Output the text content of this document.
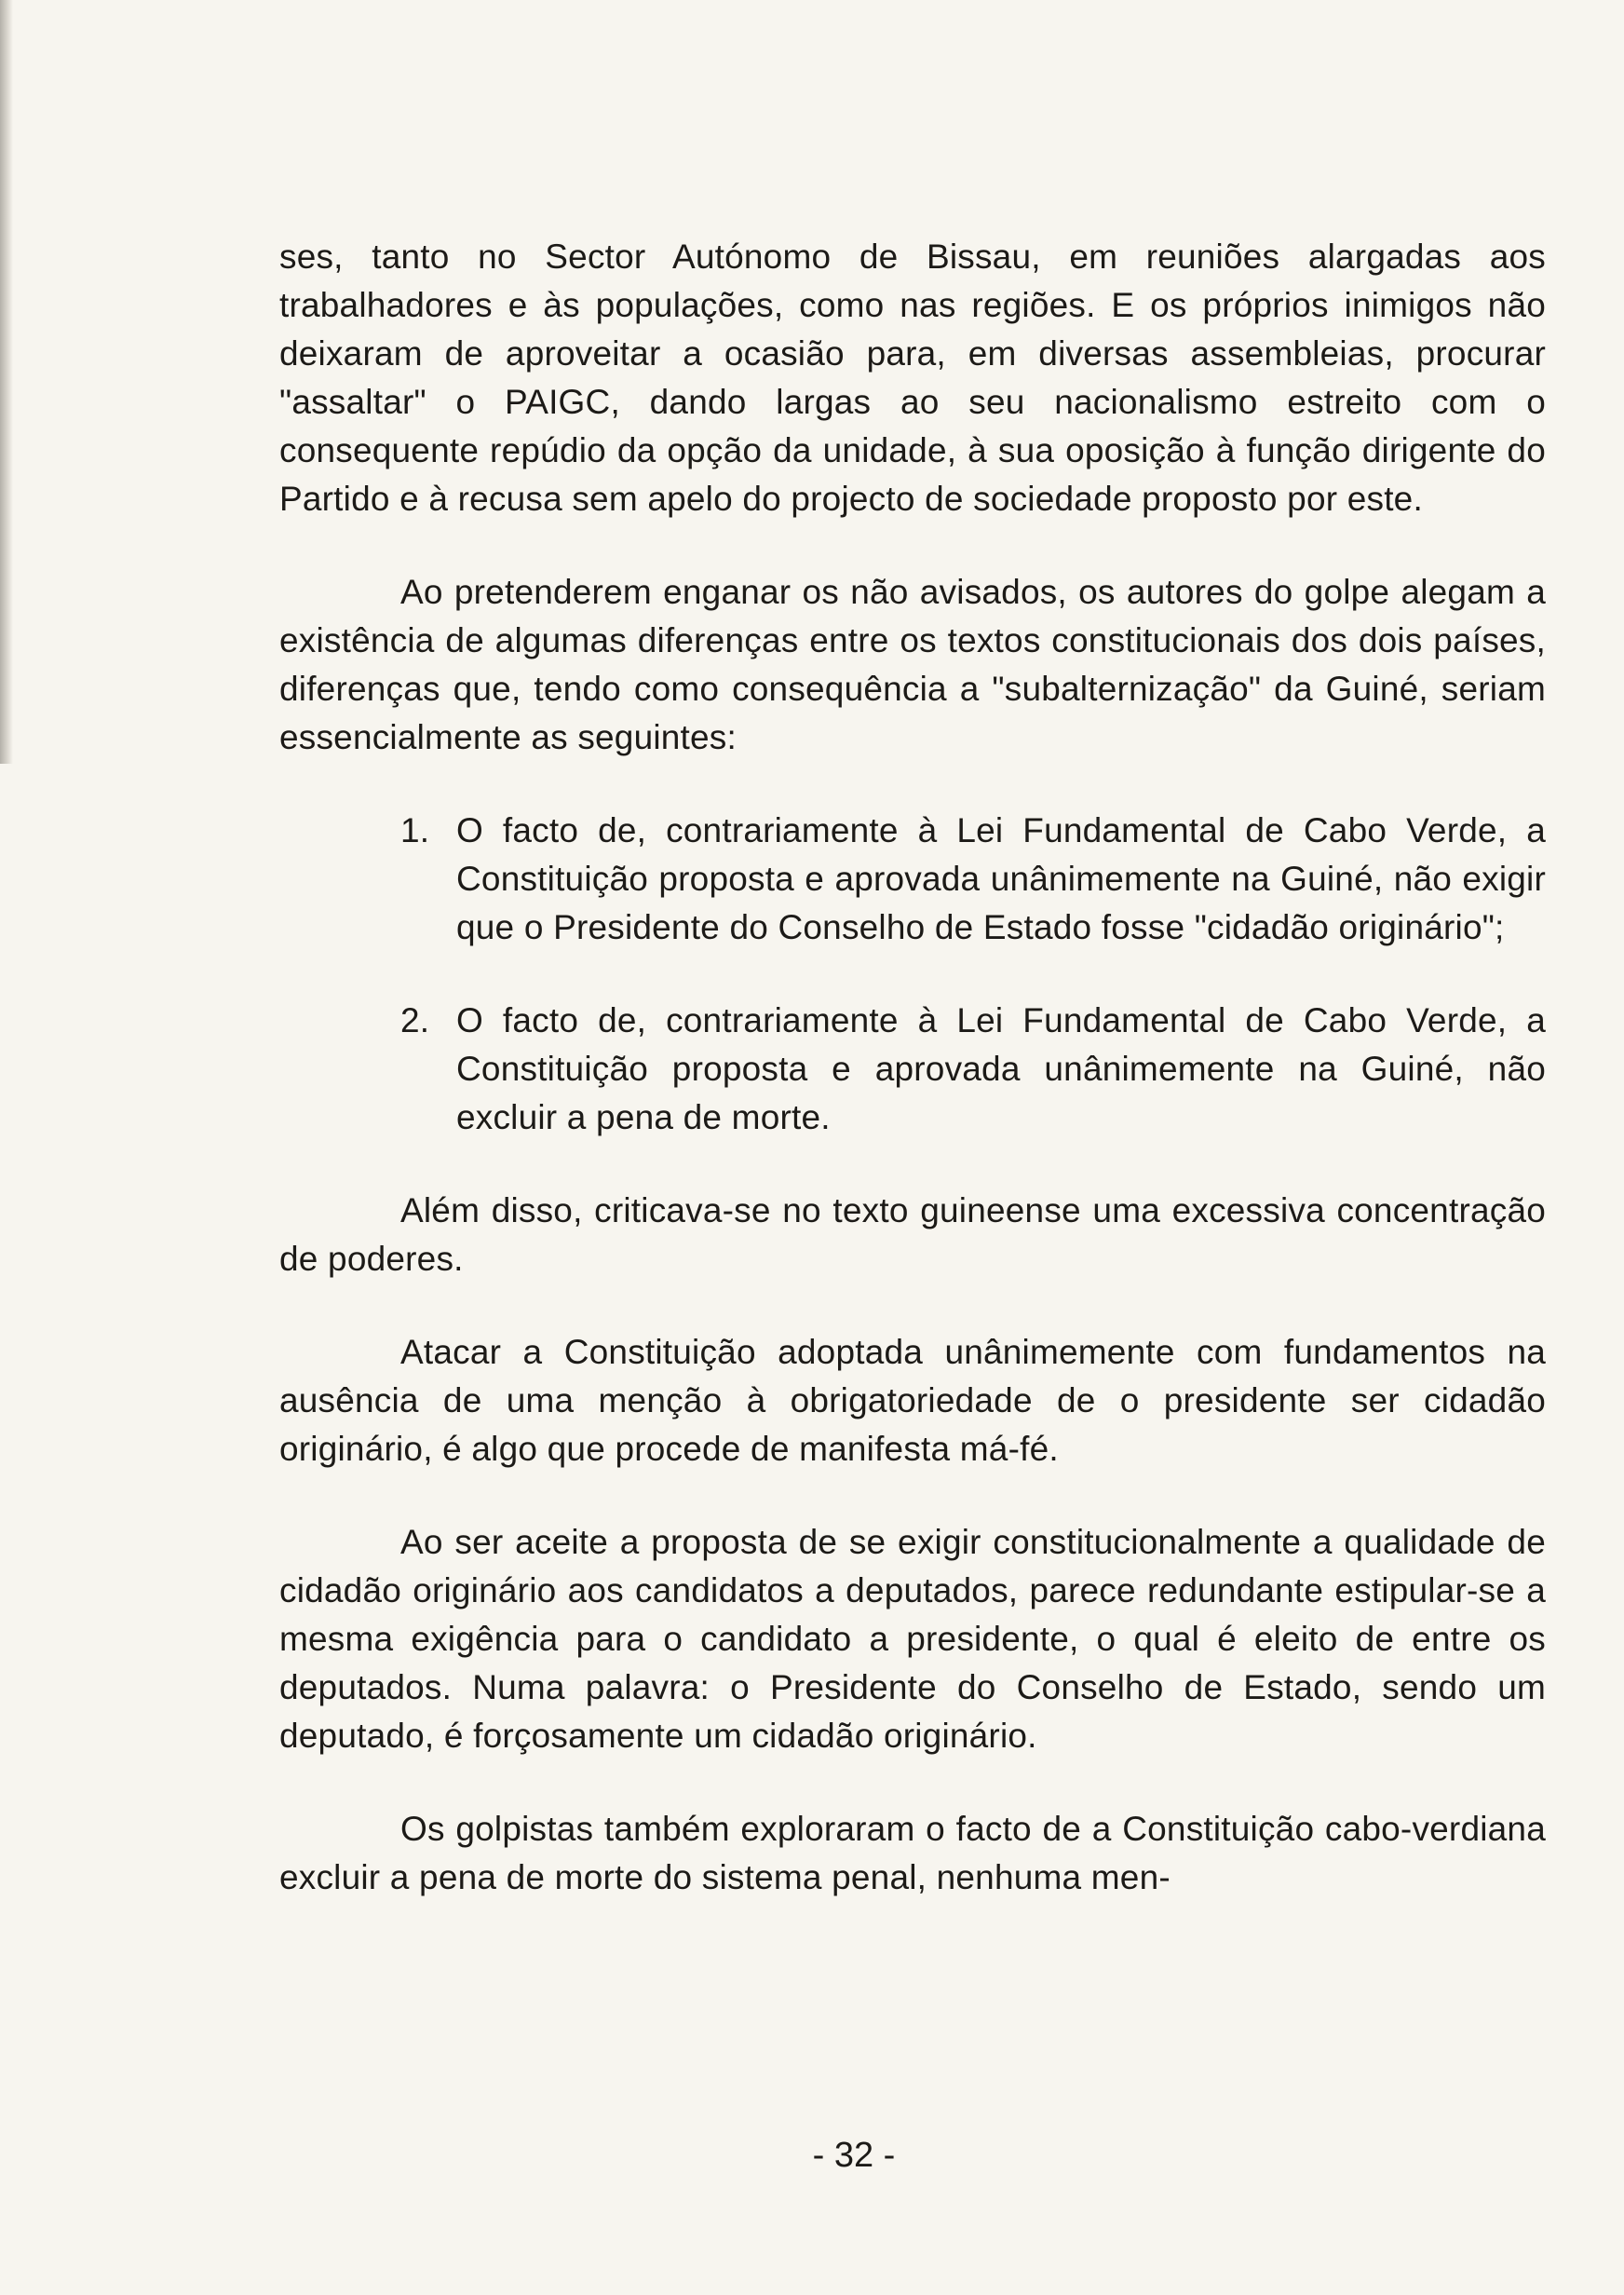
ses, tanto no Sector Autónomo de Bissau, em reuniões alargadas aos trabalhadores e às populações, como nas regiões. E os próprios inimigos não deixaram de aproveitar a ocasião para, em diversas assembleias, procurar "assaltar" o PAIGC, dando largas ao seu nacionalismo estreito com o consequente repúdio da opção da unidade, à sua oposição à função dirigente do Partido e à recusa sem apelo do projecto de sociedade proposto por este.

Ao pretenderem enganar os não avisados, os autores do golpe alegam a existência de algumas diferenças entre os textos constitucionais dos dois países, diferenças que, tendo como consequência a "subalternização" da Guiné, seriam essencialmente as seguintes:

1. O facto de, contrariamente à Lei Fundamental de Cabo Verde, a Constituição proposta e aprovada unânimemente na Guiné, não exigir que o Presidente do Conselho de Estado fosse "cidadão originário";
2. O facto de, contrariamente à Lei Fundamental de Cabo Verde, a Constituição proposta e aprovada unânimemente na Guiné, não excluir a pena de morte.

Além disso, criticava-se no texto guineense uma excessiva concentração de poderes.

Atacar a Constituição adoptada unânimemente com fundamentos na ausência de uma menção à obrigatoriedade de o presidente ser cidadão originário, é algo que procede de manifesta má-fé.

Ao ser aceite a proposta de se exigir constitucionalmente a qualidade de cidadão originário aos candidatos a deputados, parece redundante estipular-se a mesma exigência para o candidato a presidente, o qual é eleito de entre os deputados. Numa palavra: o Presidente do Conselho de Estado, sendo um deputado, é forçosamente um cidadão originário.

Os golpistas também exploraram o facto de a Constituição cabo-verdiana excluir a pena de morte do sistema penal, nenhuma men-

- 32 -
